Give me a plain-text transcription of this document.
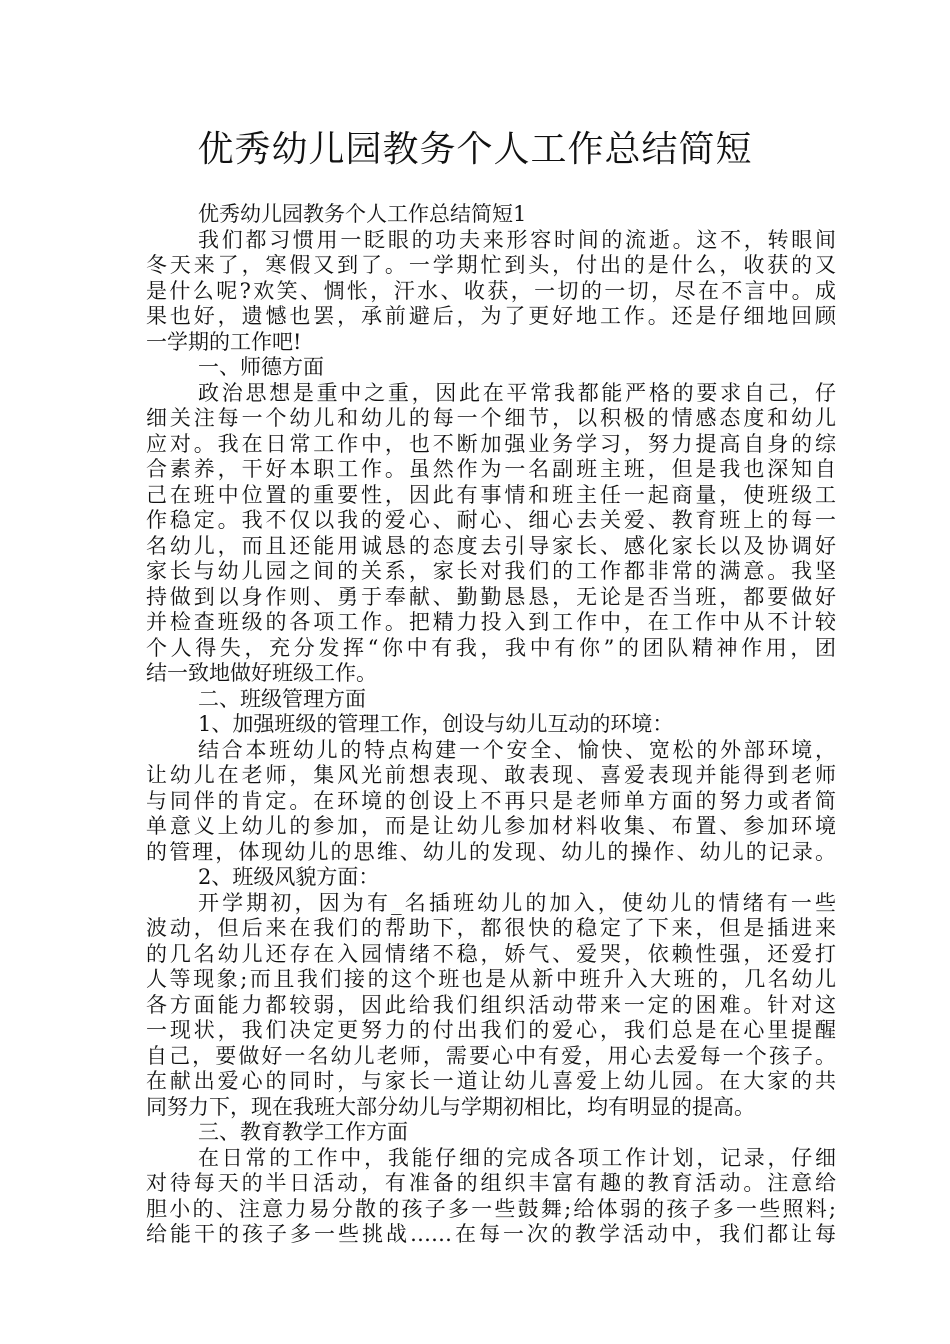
优秀幼儿园教务个人工作总结简短
优秀幼儿园教务个人工作总结简短1
我们都习惯用一眨眼的功夫来形容时间的流逝。这不，转眼间
冬天来了，寒假又到了。一学期忙到头，付出的是什么，收获的又
是什么呢?欢笑、惆怅，汗水、收获，一切的一切，尽在不言中。成
果也好，遗憾也罢，承前避后，为了更好地工作。还是仔细地回顾
一学期的工作吧!
一、师德方面
政治思想是重中之重，因此在平常我都能严格的要求自己，仔
细关注每一个幼儿和幼儿的每一个细节，以积极的情感态度和幼儿
应对。我在日常工作中，也不断加强业务学习，努力提高自身的综
合素养，干好本职工作。虽然作为一名副班主班，但是我也深知自
己在班中位置的重要性，因此有事情和班主任一起商量，使班级工
作稳定。我不仅以我的爱心、耐心、细心去关爱、教育班上的每一
名幼儿，而且还能用诚恳的态度去引导家长、感化家长以及协调好
家长与幼儿园之间的关系，家长对我们的工作都非常的满意。我坚
持做到以身作则、勇于奉献、勤勤恳恳，无论是否当班，都要做好
并检查班级的各项工作。把精力投入到工作中，在工作中从不计较
个人得失，充分发挥“你中有我，我中有你”的团队精神作用，团
结一致地做好班级工作。
二、班级管理方面
1、加强班级的管理工作，创设与幼儿互动的环境：
结合本班幼儿的特点构建一个安全、愉快、宽松的外部环境，
让幼儿在老师，集风光前想表现、敢表现、喜爱表现并能得到老师
与同伴的肯定。在环境的创设上不再只是老师单方面的努力或者简
单意义上幼儿的参加，而是让幼儿参加材料收集、布置、参加环境
的管理，体现幼儿的思维、幼儿的发现、幼儿的操作、幼儿的记录。
2、班级风貌方面：
开学期初，因为有_名插班幼儿的加入，使幼儿的情绪有一些
波动，但后来在我们的帮助下，都很快的稳定了下来，但是插进来
的几名幼儿还存在入园情绪不稳，娇气、爱哭，依赖性强，还爱打
人等现象;而且我们接的这个班也是从新中班升入大班的，几名幼儿
各方面能力都较弱，因此给我们组织活动带来一定的困难。针对这
一现状，我们决定更努力的付出我们的爱心，我们总是在心里提醒
自己，要做好一名幼儿老师，需要心中有爱，用心去爱每一个孩子。
在献出爱心的同时，与家长一道让幼儿喜爱上幼儿园。在大家的共
同努力下，现在我班大部分幼儿与学期初相比，均有明显的提高。
三、教育教学工作方面
在日常的工作中，我能仔细的完成各项工作计划，记录，仔细
对待每天的半日活动，有准备的组织丰富有趣的教育活动。注意给
胆小的、注意力易分散的孩子多一些鼓舞;给体弱的孩子多一些照料;
给能干的孩子多一些挑战……在每一次的教学活动中，我们都让每
